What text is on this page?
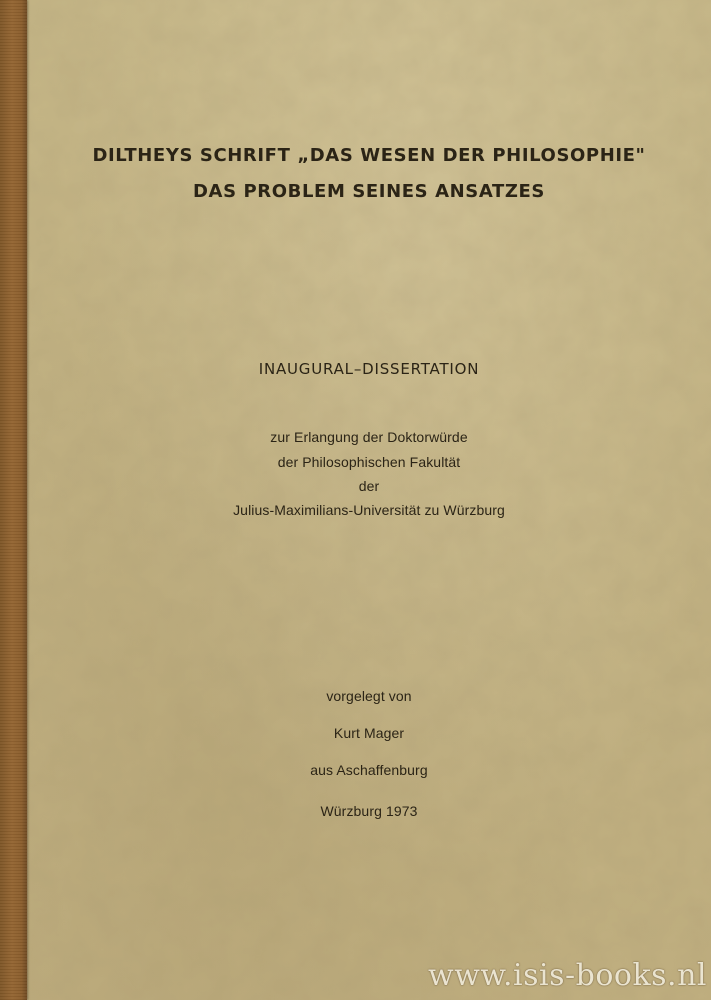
DILTHEYS SCHRIFT „DAS WESEN DER PHILOSOPHIE"
DAS PROBLEM SEINES ANSATZES
INAUGURAL–DISSERTATION
zur Erlangung der Doktorwürde
der Philosophischen Fakultät
der
Julius-Maximilians-Universität zu Würzburg
vorgelegt von
Kurt Mager
aus Aschaffenburg
Würzburg 1973
www.isis-books.nl
